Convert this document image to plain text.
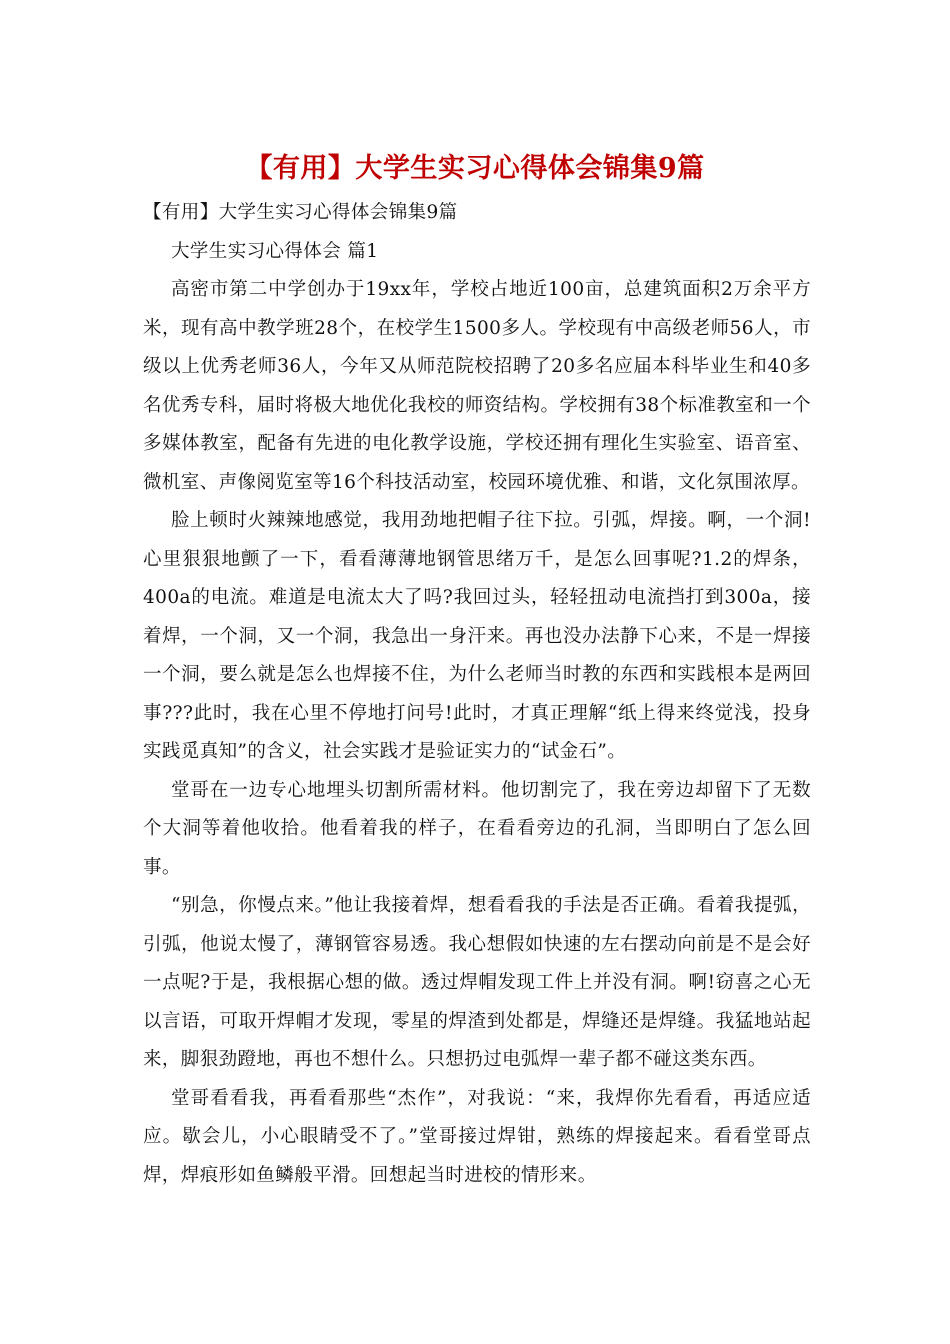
【有用】大学生实习心得体会锦集9篇

【有用】大学生实习心得体会锦集9篇

大学生实习心得体会 篇1

高密市第二中学创办于19xx年，学校占地近100亩，总建筑面积2万余平方米，现有高中教学班28个，在校学生1500多人。学校现有中高级老师56人，市级以上优秀老师36人，今年又从师范院校招聘了20多名应届本科毕业生和40多名优秀专科，届时将极大地优化我校的师资结构。学校拥有38个标准教室和一个多媒体教室，配备有先进的电化教学设施，学校还拥有理化生实验室、语音室、微机室、声像阅览室等16个科技活动室，校园环境优雅、和谐，文化氛围浓厚。

脸上顿时火辣辣地感觉，我用劲地把帽子往下拉。引弧，焊接。啊，一个洞!心里狠狠地颤了一下，看看薄薄地钢管思绪万千，是怎么回事呢?1.2的焊条，400a的电流。难道是电流太大了吗?我回过头，轻轻扭动电流挡打到300a，接着焊，一个洞，又一个洞，我急出一身汗来。再也没办法静下心来，不是一焊接一个洞，要么就是怎么也焊接不住，为什么老师当时教的东西和实践根本是两回事???此时，我在心里不停地打问号!此时，才真正理解“纸上得来终觉浅，投身实践觅真知”的含义，社会实践才是验证实力的“试金石”。

堂哥在一边专心地埋头切割所需材料。他切割完了，我在旁边却留下了无数个大洞等着他收拾。他看着我的样子，在看看旁边的孔洞，当即明白了怎么回事。

“别急，你慢点来。”他让我接着焊，想看看我的手法是否正确。看着我提弧，引弧，他说太慢了，薄钢管容易透。我心想假如快速的左右摆动向前是不是会好一点呢?于是，我根据心想的做。透过焊帽发现工件上并没有洞。啊!窃喜之心无以言语，可取开焊帽才发现，零星的焊渣到处都是，焊缝还是焊缝。我猛地站起来，脚狠劲蹬地，再也不想什么。只想扔过电弧焊一辈子都不碰这类东西。

堂哥看看我，再看看那些“杰作”，对我说：“来，我焊你先看看，再适应适应。歇会儿，小心眼睛受不了。”堂哥接过焊钳，熟练的焊接起来。看看堂哥点焊，焊痕形如鱼鳞般平滑。回想起当时进校的情形来。
